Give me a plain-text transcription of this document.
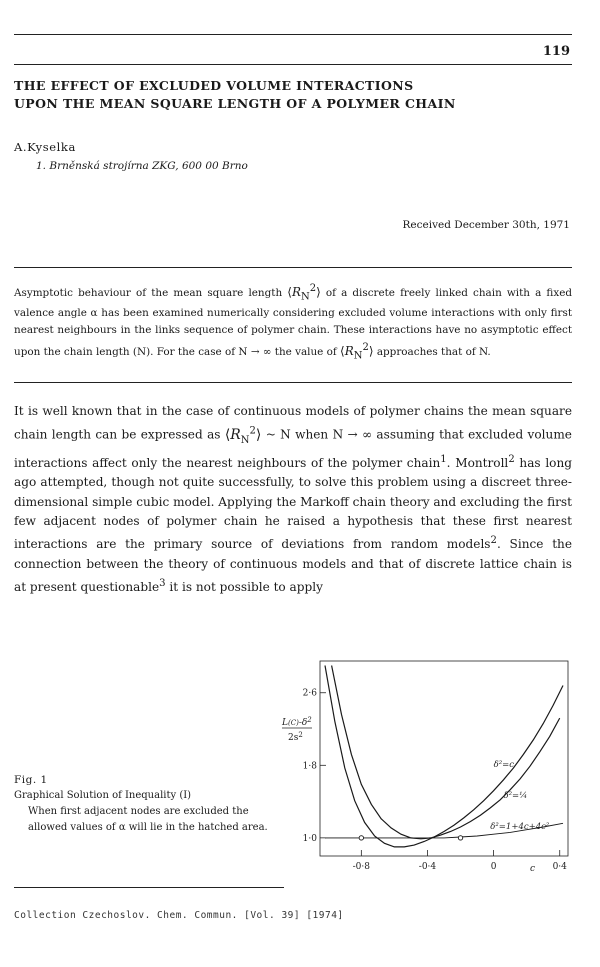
119
THE EFFECT OF EXCLUDED VOLUME INTERACTIONS
UPON THE MEAN SQUARE LENGTH OF A POLYMER CHAIN
A.Kyselka
1. Brněnská strojírna ZKG, 600 00 Brno
Received December 30th, 1971
Asymptotic behaviour of the mean square length $⟨R_N^2⟩$ of a discrete freely linked chain with a fixed valence angle α has been examined numerically considering excluded volume interactions with only first nearest neighbours in the links sequence of polymer chain. These interactions have no asymptotic effect upon the chain length (N). For the case of N → ∞ the value of $⟨R_N^2⟩$ approaches that of N.
It is well known that in the case of continuous models of polymer chains the mean square chain length can be expressed as $⟨R_N^2⟩$ ~ N when N → ∞ assuming that excluded volume interactions affect only the nearest neighbours of the polymer chain$^1$. Montroll$^2$ has long ago attempted, though not quite successfully, to solve this problem using a discreet three-dimensional simple cubic model. Applying the Markoff chain theory and excluding the first few adjacent nodes of polymer chain he raised a hypothesis that these first nearest interactions are the primary source of deviations from random models$^2$. Since the connection between the theory of continuous models and that of discrete lattice chain is at present questionable$^3$ it is not possible to apply
Fig. 1
Graphical Solution of Inequality (I)
When first adjacent nodes are excluded the allowed values of α will lie in the hatched area.
Collection Czechoslov. Chem. Commun. [Vol. 39] [1974]
$L(C)-\delta^2$
$2s^2$
1·0
1·8
2·6
-0·8	-0·4	0	0·4
c
δ²=c
δ²=¼
δ²=1+4c+4c²
